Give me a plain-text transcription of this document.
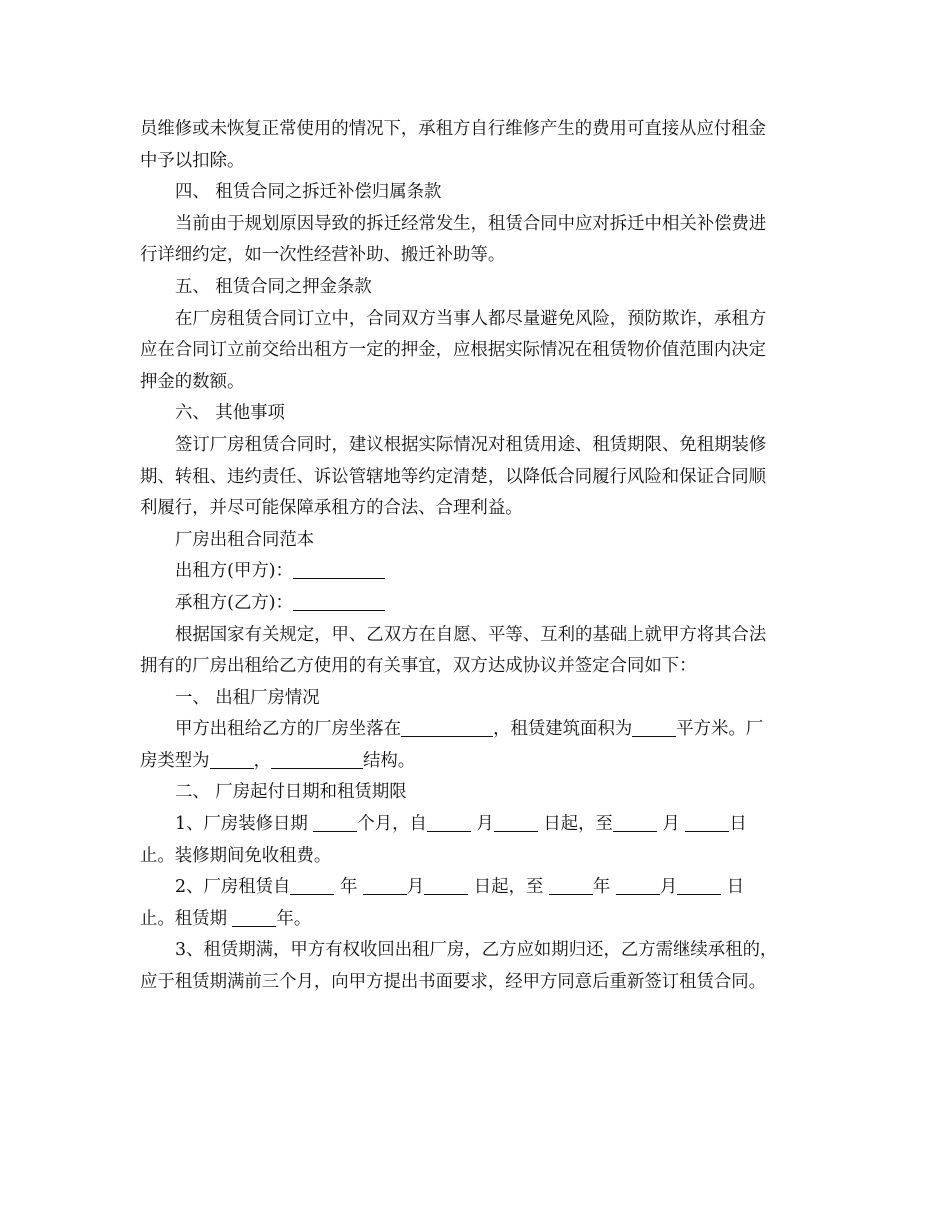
员维修或未恢复正常使用的情况下，承租方自行维修产生的费用可直接从应付租金
中予以扣除。
四、 租赁合同之拆迁补偿归属条款
当前由于规划原因导致的拆迁经常发生，租赁合同中应对拆迁中相关补偿费进
行详细约定，如一次性经营补助、搬迁补助等。
五、 租赁合同之押金条款
在厂房租赁合同订立中，合同双方当事人都尽量避免风险，预防欺诈，承租方
应在合同订立前交给出租方一定的押金，应根据实际情况在租赁物价值范围内决定
押金的数额。
六、 其他事项
签订厂房租赁合同时，建议根据实际情况对租赁用途、租赁期限、免租期装修
期、转租、违约责任、诉讼管辖地等约定清楚，以降低合同履行风险和保证合同顺
利履行，并尽可能保障承租方的合法、合理利益。
厂房出租合同范本
出租方(甲方)：
承租方(乙方)：
根据国家有关规定，甲、乙双方在自愿、平等、互利的基础上就甲方将其合法
拥有的厂房出租给乙方使用的有关事宜，双方达成协议并签定合同如下：
一、 出租厂房情况
甲方出租给乙方的厂房坐落在	，租赁建筑面积为	平方米。厂
房类型为	，	结构。
二、 厂房起付日期和租赁期限
1、厂房装修日期	个月，自	月	日起，至	月	日
止。装修期间免收租费。
2、厂房租赁自	年	月	日起，至	年	月	日
止。租赁期	年。
3、租赁期满，甲方有权收回出租厂房，乙方应如期归还，乙方需继续承租的，
应于租赁期满前三个月，向甲方提出书面要求，经甲方同意后重新签订租赁合同。
